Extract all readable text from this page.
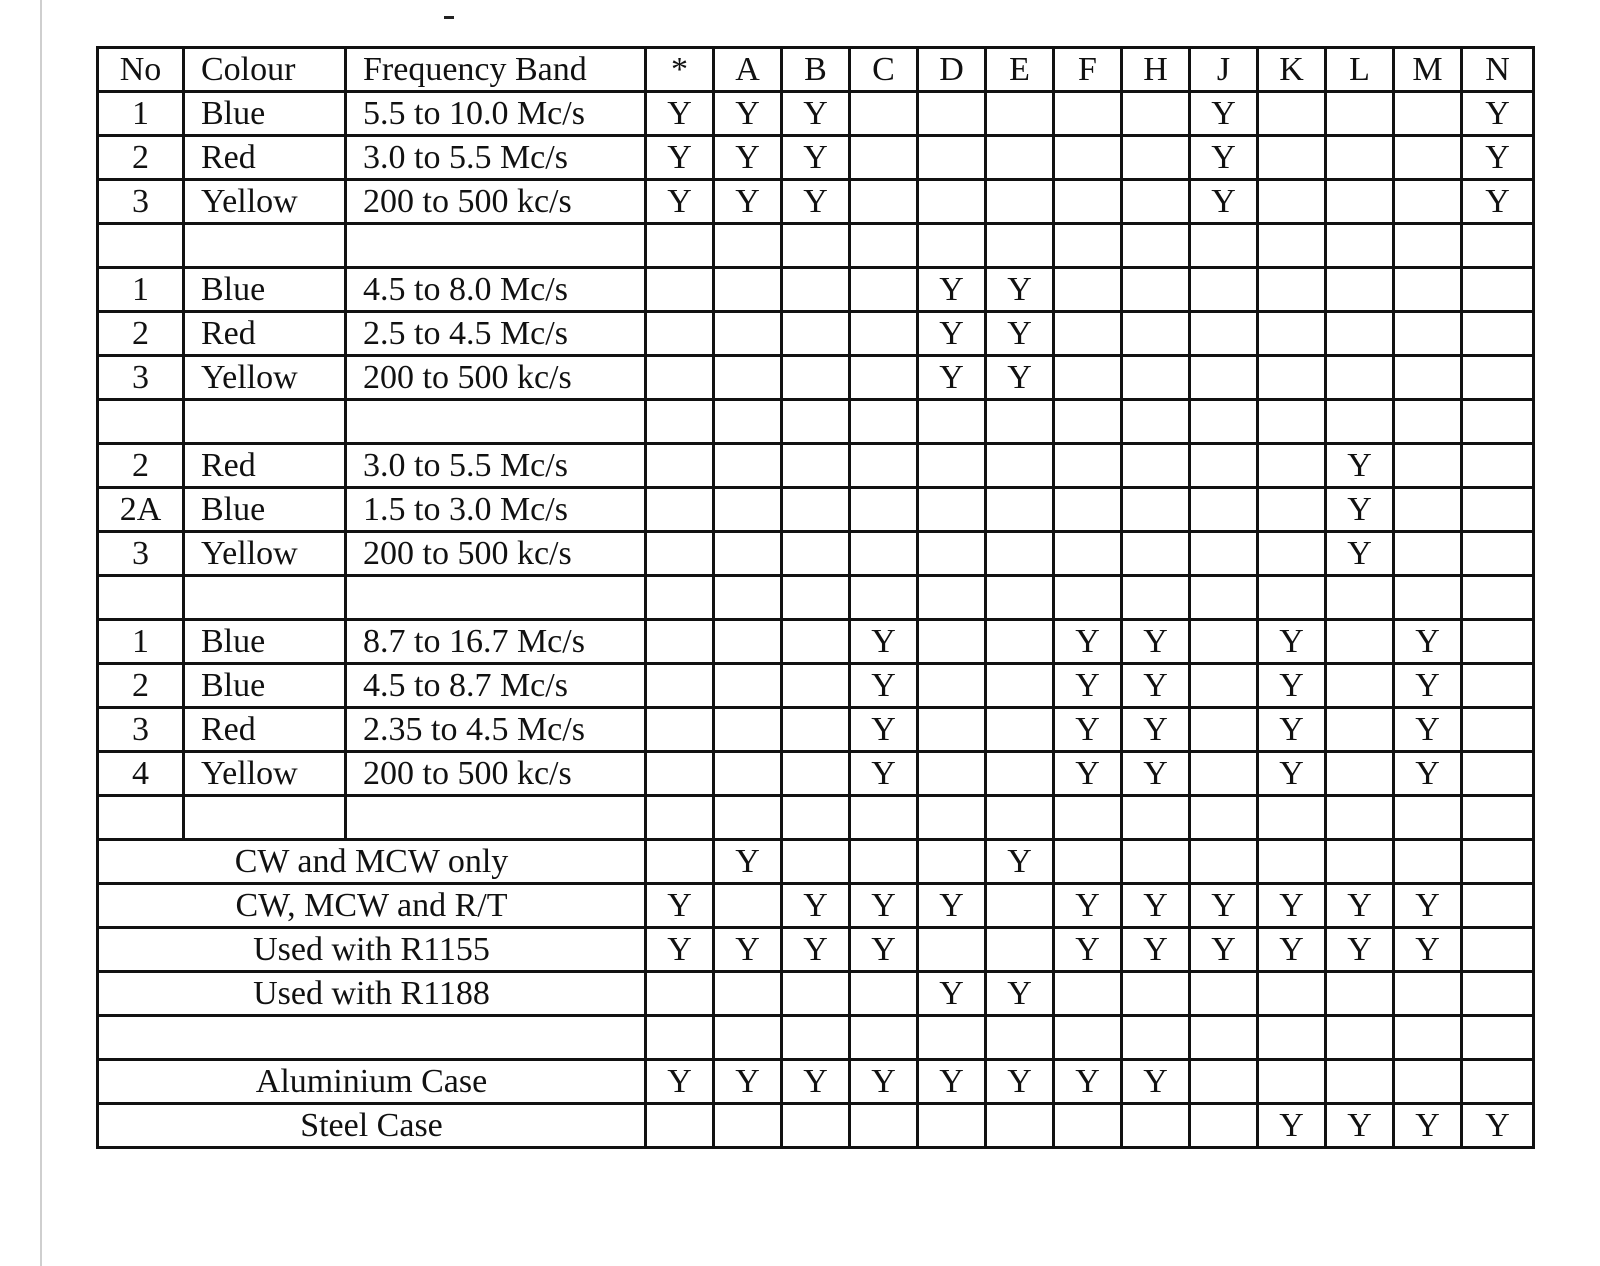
No	Colour	Frequency Band	*	A	B	C	D	E	F	H	J	K	L	M	N
1	Blue	5.5 to 10.0 Mc/s	Y	Y	Y						Y				Y
2	Red	3.0 to 5.5 Mc/s	Y	Y	Y						Y				Y
3	Yellow	200 to 500 kc/s	Y	Y	Y						Y				Y

1	Blue	4.5 to 8.0 Mc/s					Y	Y							
2	Red	2.5 to 4.5 Mc/s					Y	Y							
3	Yellow	200 to 500 kc/s					Y	Y							

2	Red	3.0 to 5.5 Mc/s											Y		
2A	Blue	1.5 to 3.0 Mc/s											Y		
3	Yellow	200 to 500 kc/s											Y		

1	Blue	8.7 to 16.7 Mc/s				Y			Y	Y		Y		Y	
2	Blue	4.5 to 8.7 Mc/s				Y			Y	Y		Y		Y	
3	Red	2.35 to 4.5 Mc/s				Y			Y	Y		Y		Y	
4	Yellow	200 to 500 kc/s				Y			Y	Y		Y		Y	

CW and MCW only				Y				Y							
CW, MCW and R/T			Y		Y	Y	Y		Y	Y	Y	Y	Y	Y	
Used with R1155			Y	Y	Y	Y			Y	Y	Y	Y	Y	Y	
Used with R1188							Y	Y							

Aluminium Case			Y	Y	Y	Y	Y	Y	Y	Y					
Steel Case												Y	Y	Y	Y
